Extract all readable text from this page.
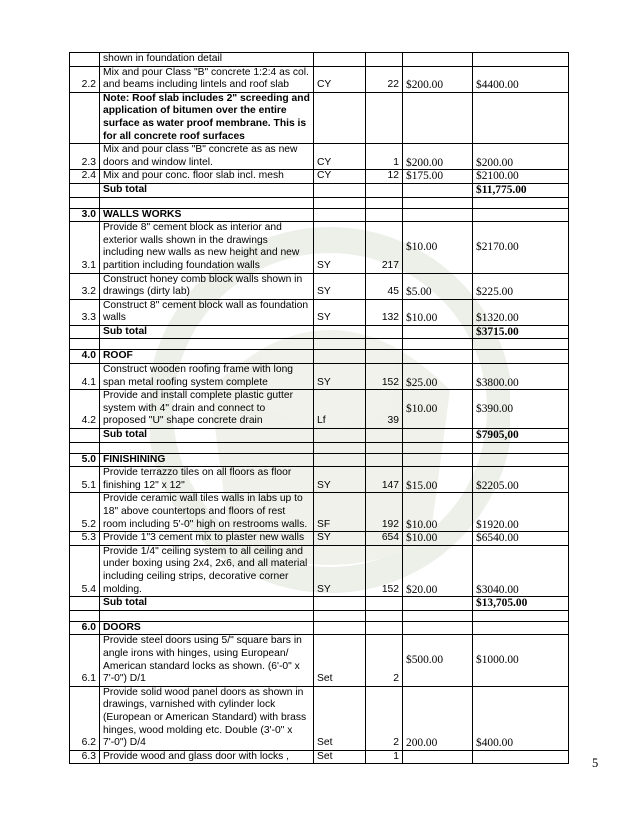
	shown in foundation detail				
2.2	Mix and pour Class "B" concrete 1:2:4 as col. and beams including lintels and roof slab	CY	22	$200.00	$4400.00
	Note: Roof slab includes 2" screeding and application of bitumen over the entire surface as water proof membrane. This is for all concrete roof surfaces				
2.3	Mix and pour class "B" concrete as as new doors and window lintel.	CY	1	$200.00	$200.00
2.4	Mix and pour conc. floor slab incl. mesh	CY	12	$175.00	$2100.00
	Sub total				$11,775.00

3.0	WALLS WORKS				
3.1	Provide 8" cement block as interior and exterior walls shown in the drawings including new walls as new height and new partition including foundation walls	SY	217	$10.00	$2170.00
3.2	Construct honey comb block walls shown in drawings (dirty lab)	SY	45	$5.00	$225.00
3.3	Construct 8" cement block wall as foundation walls	SY	132	$10.00	$1320.00
	Sub total				$3715.00

4.0	ROOF				
4.1	Construct wooden roofing frame with long span metal roofing system complete	SY	152	$25.00	$3800.00
4.2	Provide and install complete plastic gutter system with 4" drain and connect to proposed "U" shape concrete drain	Lf	39	$10.00	$390.00
	Sub total				$7905,00

5.0	FINISHINING				
5.1	Provide terrazzo tiles on all floors as floor finishing 12" x 12"	SY	147	$15.00	$2205.00
5.2	Provide ceramic wall tiles walls in labs up to 18" above countertops and floors of rest room including 5'-0" high on restrooms walls.	SF	192	$10.00	$1920.00
5.3	Provide 1"3 cement mix to plaster new walls	SY	654	$10.00	$6540.00
5.4	Provide 1/4" ceiling system to all ceiling and under boxing using 2x4, 2x6, and all material including ceiling strips, decorative corner molding.	SY	152	$20.00	$3040.00
	Sub total				$13,705.00

6.0	DOORS				
6.1	Provide steel doors using 5/" square bars in angle irons with hinges, using European/ American standard locks as shown. (6'-0" x 7'-0") D/1	Set	2	$500.00	$1000.00
6.2	Provide solid wood panel doors as shown in drawings, varnished with cylinder lock (European or American Standard) with brass hinges, wood molding etc. Double (3'-0" x 7'-0") D/4	Set	2	200.00	$400.00
6.3	Provide wood and glass door with locks ,	Set	1			5
